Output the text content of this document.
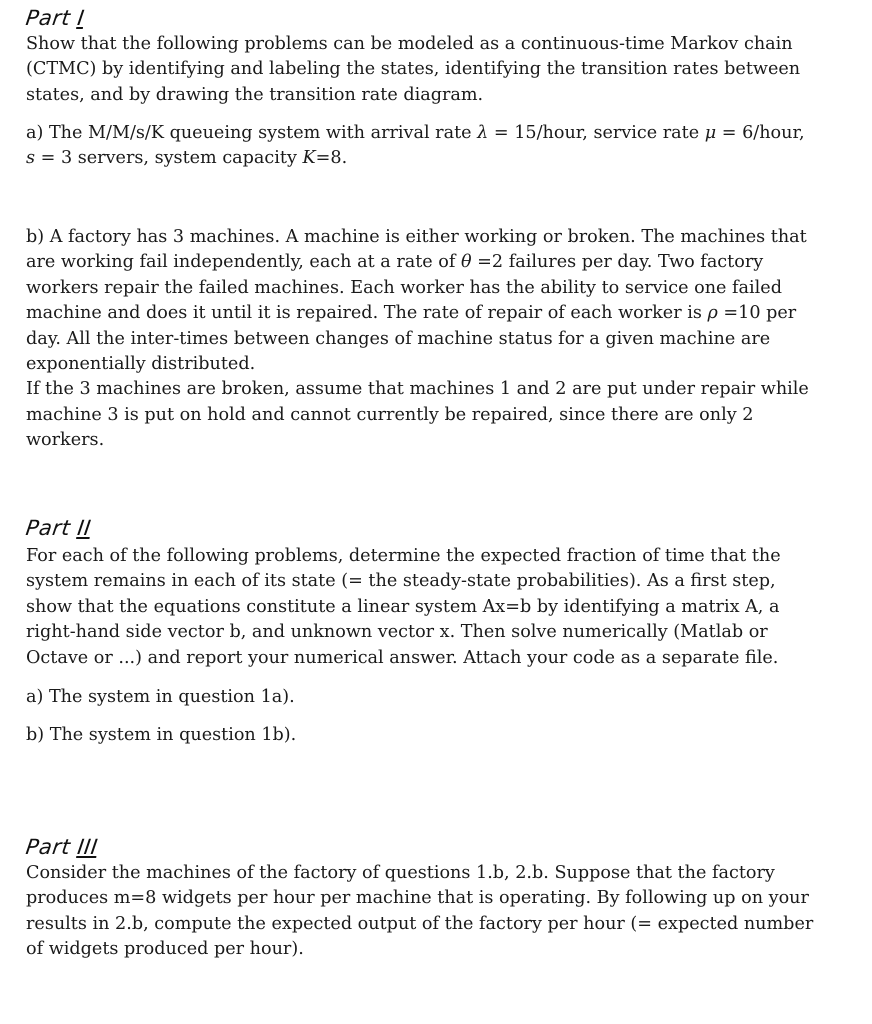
Part I

Show that the following problems can be modeled as a continuous-time Markov chain (CTMC) by identifying and labeling the states, identifying the transition rates between states, and by drawing the transition rate diagram.

a) The M/M/s/K queueing system with arrival rate λ = 15/hour, service rate μ = 6/hour, s = 3 servers, system capacity K=8.

b) A factory has 3 machines. A machine is either working or broken. The machines that are working fail independently, each at a rate of θ =2 failures per day. Two factory workers repair the failed machines. Each worker has the ability to service one failed machine and does it until it is repaired. The rate of repair of each worker is ρ =10 per day. All the inter-times between changes of machine status for a given machine are exponentially distributed.
If the 3 machines are broken, assume that machines 1 and 2 are put under repair while machine 3 is put on hold and cannot currently be repaired, since there are only 2 workers.

Part II

For each of the following problems, determine the expected fraction of time that the system remains in each of its state (= the steady-state probabilities). As a first step, show that the equations constitute a linear system Ax=b by identifying a matrix A, a right-hand side vector b, and unknown vector x. Then solve numerically (Matlab or Octave or ...) and report your numerical answer. Attach your code as a separate file.

a) The system in question 1a).

b) The system in question 1b).

Part III

Consider the machines of the factory of questions 1.b, 2.b. Suppose that the factory produces m=8 widgets per hour per machine that is operating. By following up on your results in 2.b, compute the expected output of the factory per hour (= expected number of widgets produced per hour).
